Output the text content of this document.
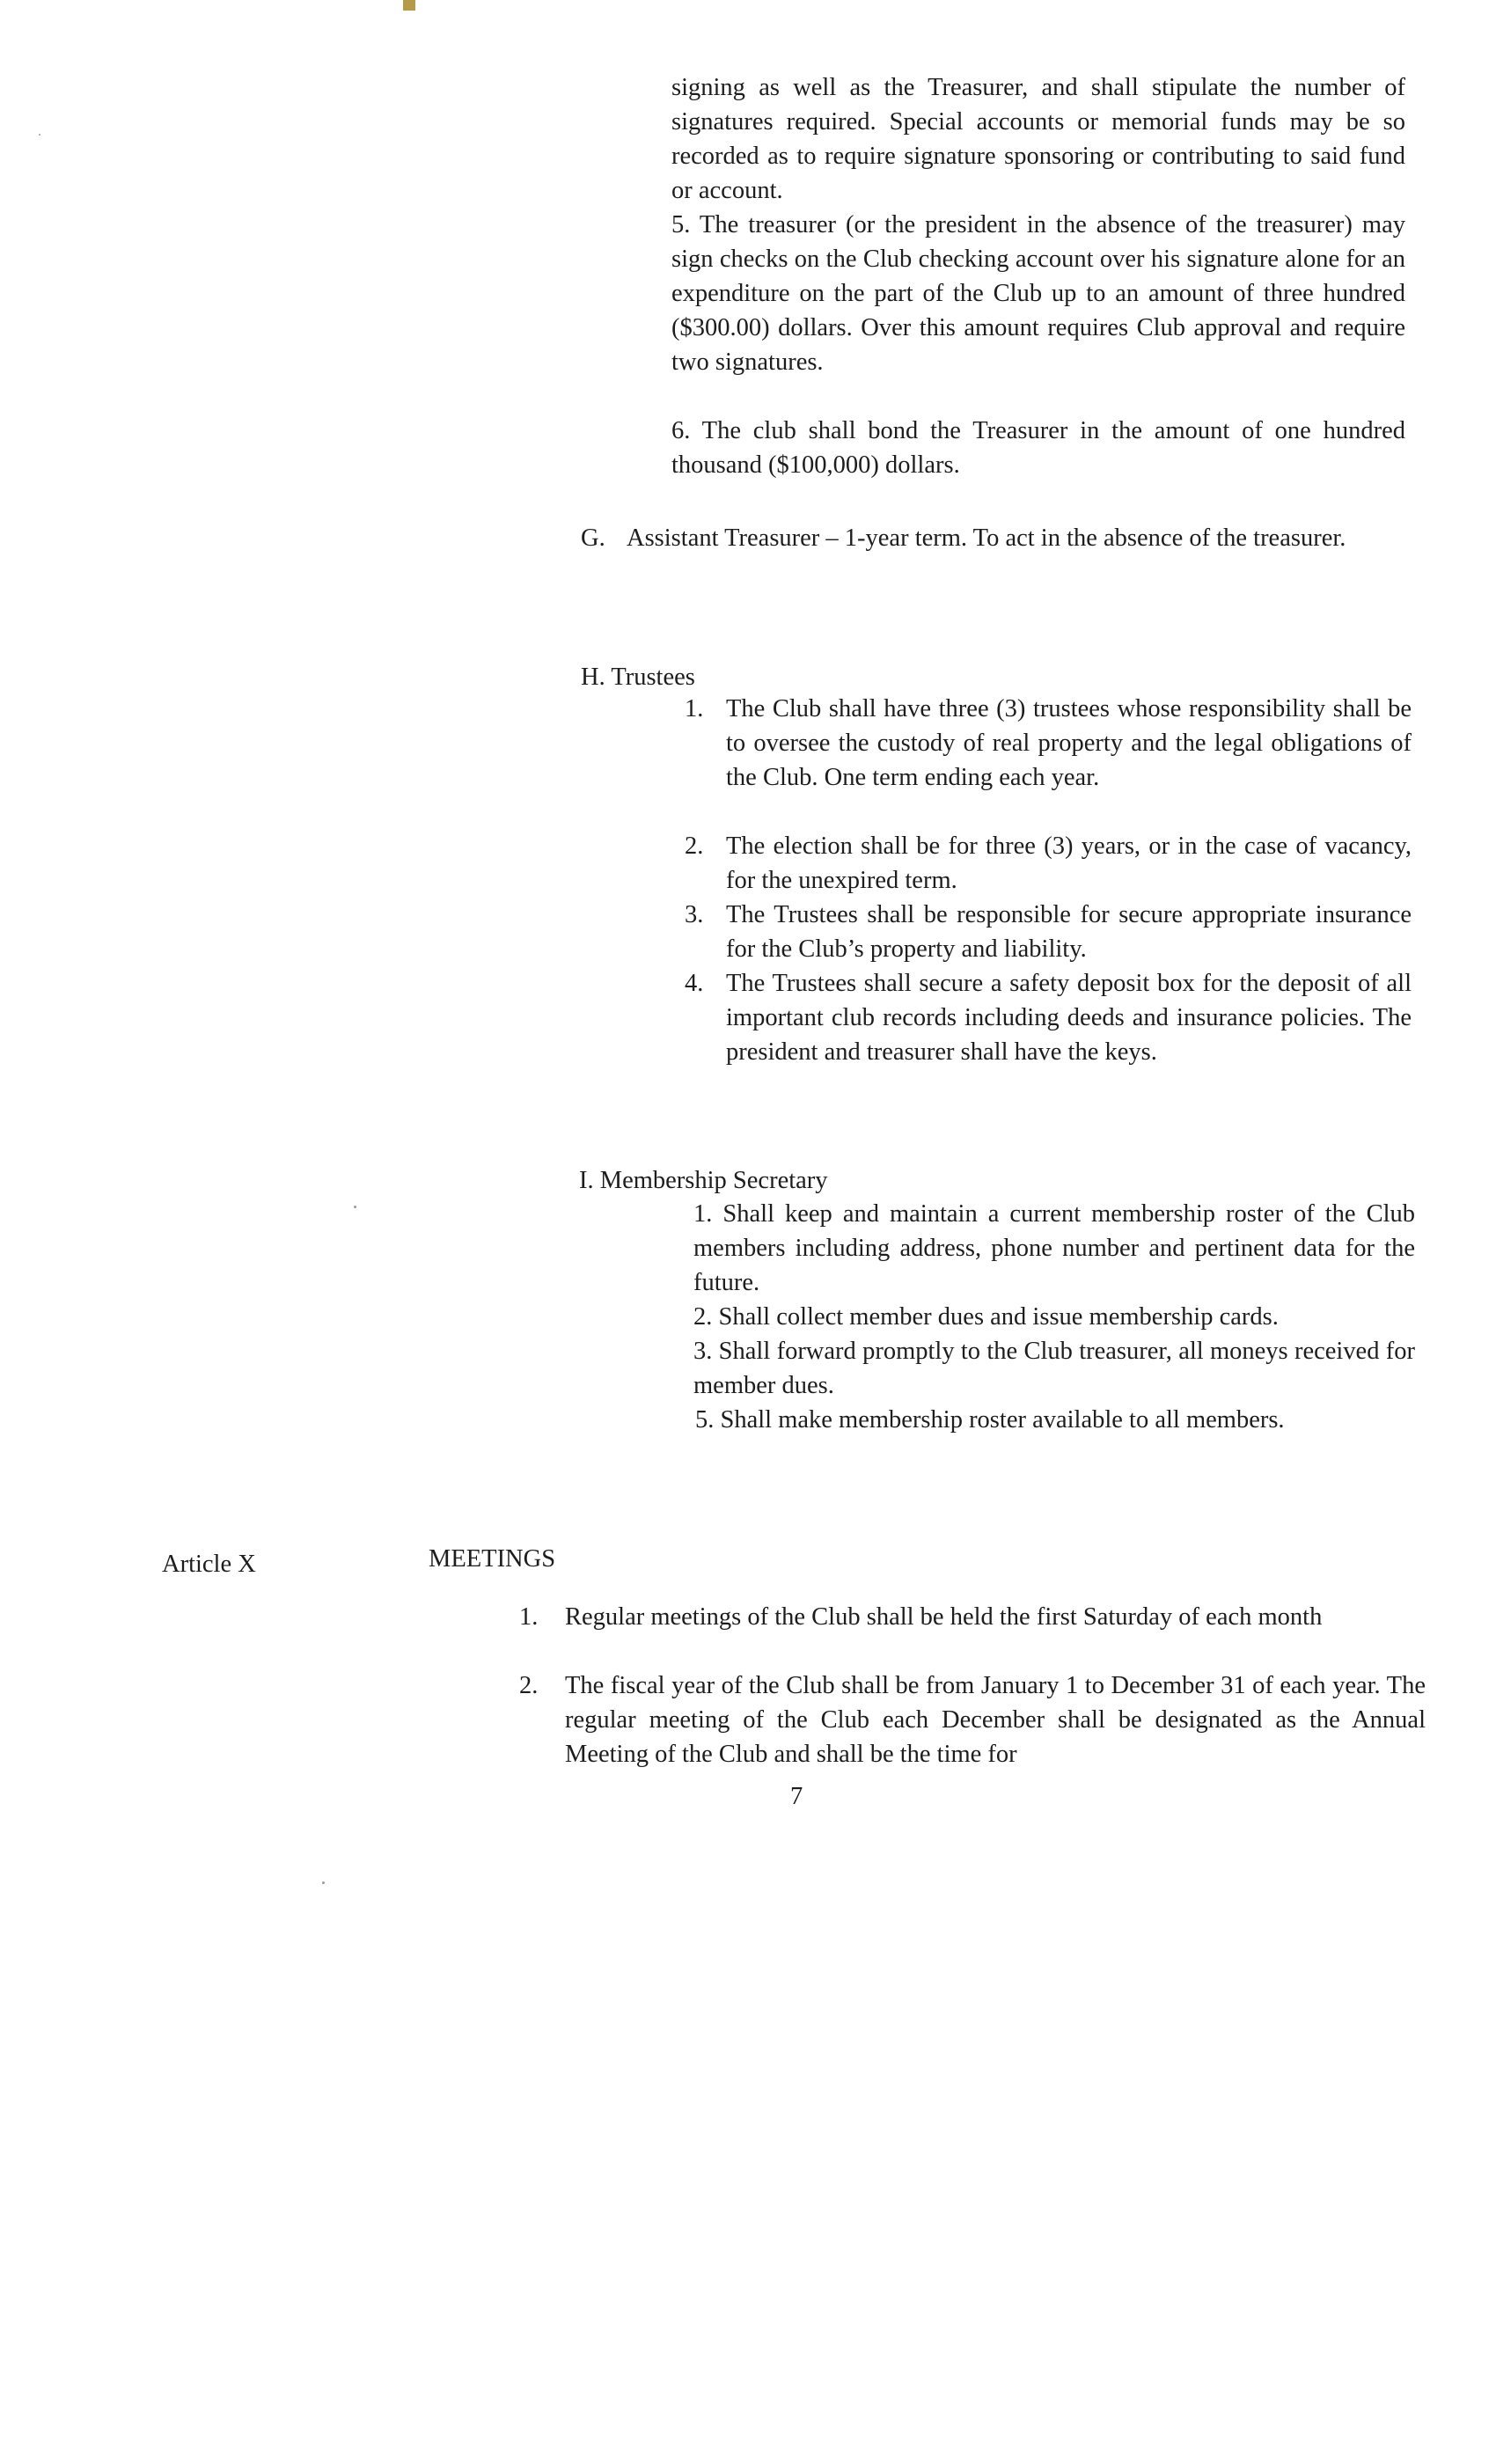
signing as well as the Treasurer, and shall stipulate the number of signatures required. Special accounts or memorial funds may be so recorded as to require signature sponsoring or contributing to said fund or account.

5. The treasurer (or the president in the absence of the treasurer) may sign checks on the Club checking account over his signature alone for an expenditure on the part of the Club up to an amount of three hundred ($300.00) dollars. Over this amount requires Club approval and require two signatures.

6. The club shall bond the Treasurer in the amount of one hundred thousand ($100,000) dollars.

G. Assistant Treasurer – 1-year term. To act in the absence of the treasurer.

H. Trustees

1. The Club shall have three (3) trustees whose responsibility shall be to oversee the custody of real property and the legal obligations of the Club. One term ending each year.

2. The election shall be for three (3) years, or in the case of vacancy, for the unexpired term.

3. The Trustees shall be responsible for secure appropriate insurance for the Club’s property and liability.

4. The Trustees shall secure a safety deposit box for the deposit of all important club records including deeds and insurance policies. The president and treasurer shall have the keys.

I. Membership Secretary

1. Shall keep and maintain a current membership roster of the Club members including address, phone number and pertinent data for the future.

2. Shall collect member dues and issue membership cards.

3. Shall forward promptly to the Club treasurer, all moneys received for member dues.

5. Shall make membership roster available to all members.

Article X	MEETINGS

1. Regular meetings of the Club shall be held the first Saturday of each month

2. The fiscal year of the Club shall be from January 1 to December 31 of each year. The regular meeting of the Club each December shall be designated as the Annual Meeting of the Club and shall be the time for

7
